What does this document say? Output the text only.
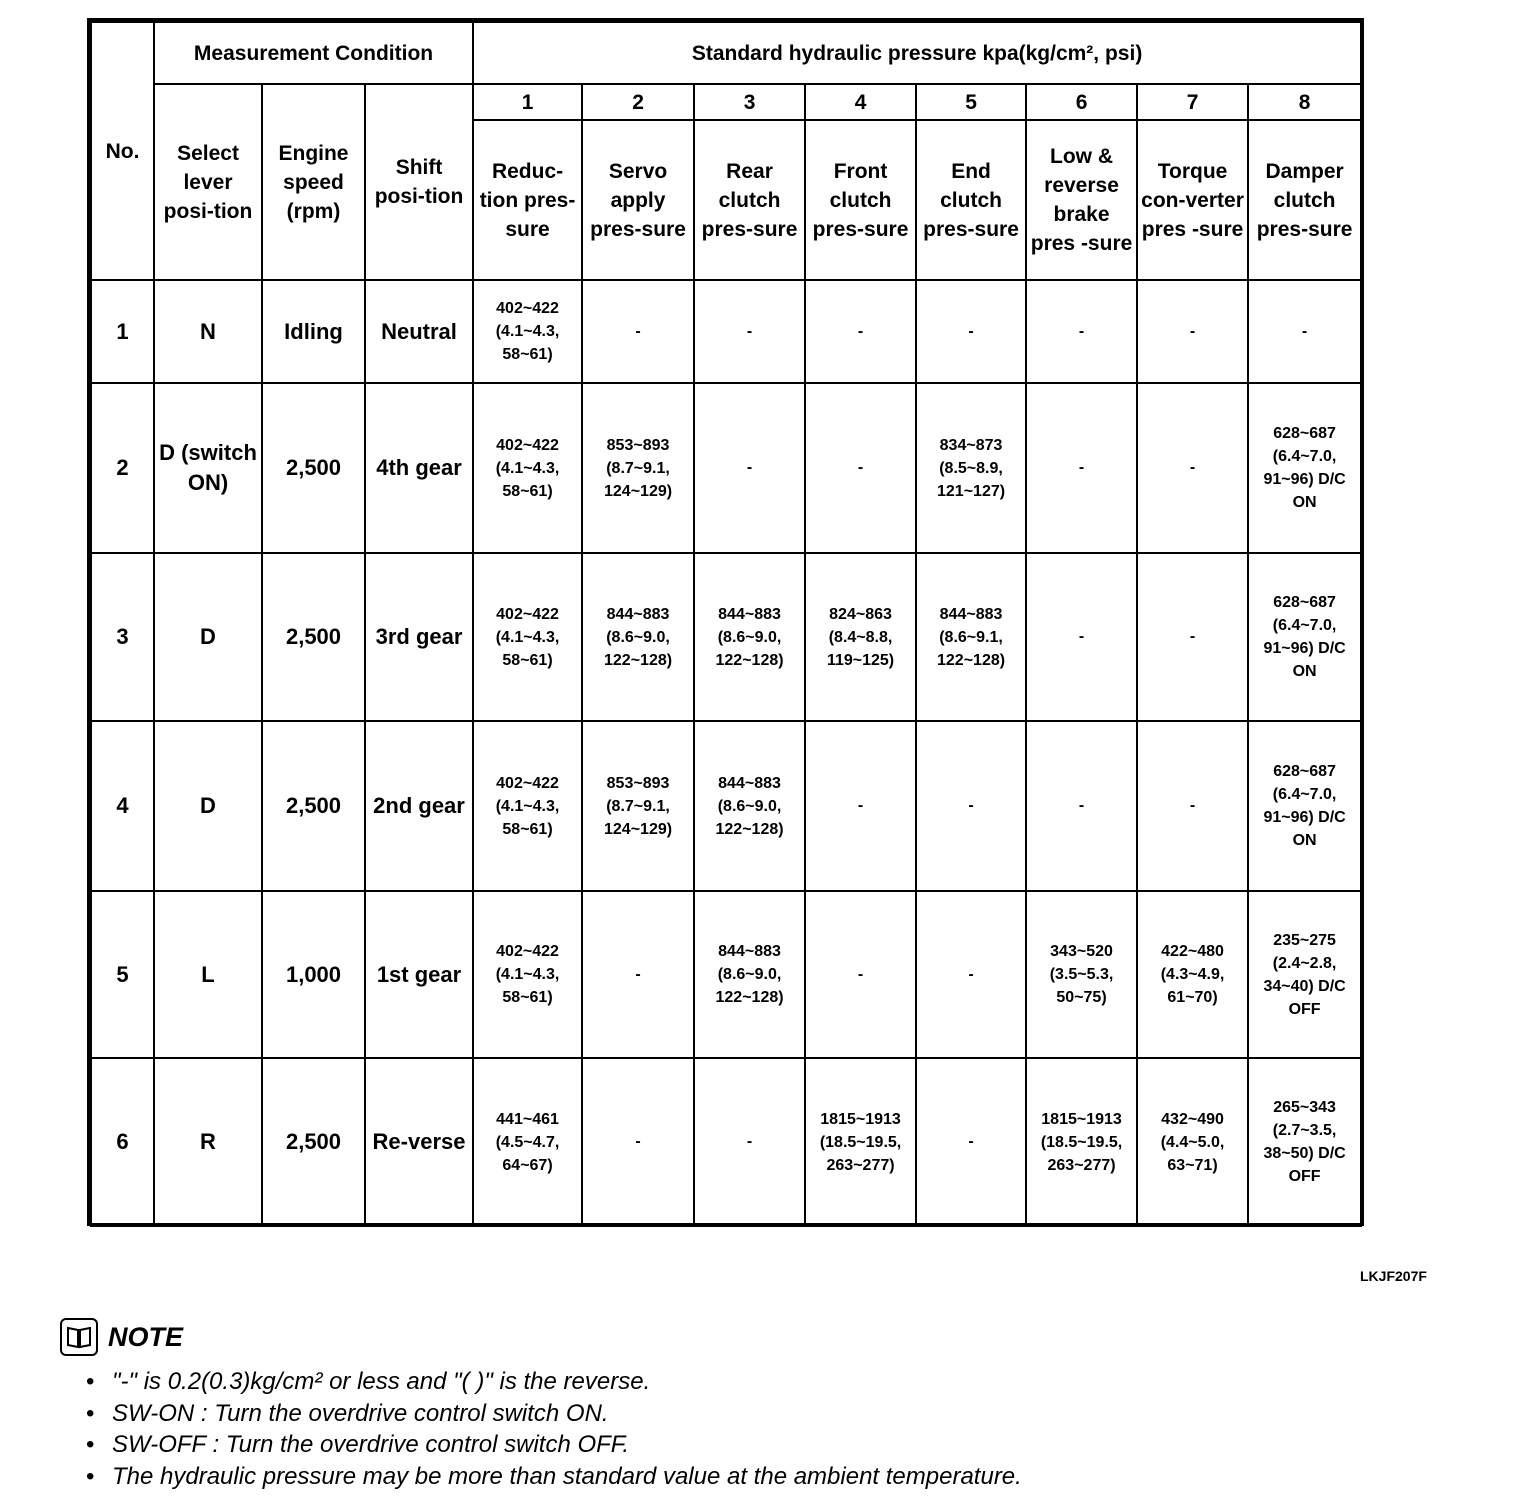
No.	Measurement Condition			Standard hydraulic pressure kpa(kg/cm², psi)							
	Select lever posi-tion	Engine speed (rpm)	Shift posi-tion	1	2	3	4	5	6	7	8
				Reduc-tion pres-sure	Servo apply pres-sure	Rear clutch pres-sure	Front clutch pres-sure	End clutch pres-sure	Low & reverse brake pres -sure	Torque con-verter pres -sure	Damper clutch pres-sure
1	N	Idling	Neutral	402~422 (4.1~4.3, 58~61)	-	-	-	-	-	-	-
2	D (switch ON)	2,500	4th gear	402~422 (4.1~4.3, 58~61)	853~893 (8.7~9.1, 124~129)	-	-	834~873 (8.5~8.9, 121~127)	-	-	628~687 (6.4~7.0, 91~96) D/C ON
3	D	2,500	3rd gear	402~422 (4.1~4.3, 58~61)	844~883 (8.6~9.0, 122~128)	844~883 (8.6~9.0, 122~128)	824~863 (8.4~8.8, 119~125)	844~883 (8.6~9.1, 122~128)	-	-	628~687 (6.4~7.0, 91~96) D/C ON
4	D	2,500	2nd gear	402~422 (4.1~4.3, 58~61)	853~893 (8.7~9.1, 124~129)	844~883 (8.6~9.0, 122~128)	-	-	-	-	628~687 (6.4~7.0, 91~96) D/C ON
5	L	1,000	1st gear	402~422 (4.1~4.3, 58~61)	-	844~883 (8.6~9.0, 122~128)	-	-	343~520 (3.5~5.3, 50~75)	422~480 (4.3~4.9, 61~70)	235~275 (2.4~2.8, 34~40) D/C OFF
6	R	2,500	Re-verse	441~461 (4.5~4.7, 64~67)	-	-	1815~1913 (18.5~19.5, 263~277)	-	1815~1913 (18.5~19.5, 263~277)	432~490 (4.4~5.0, 63~71)	265~343 (2.7~3.5, 38~50) D/C OFF
LKJF207F
NOTE
• "-" is 0.2(0.3)kg/cm² or less and "( )" is the reverse.
• SW-ON : Turn the overdrive control switch ON.
• SW-OFF : Turn the overdrive control switch OFF.
• The hydraulic pressure may be more than standard value at the ambient temperature.
